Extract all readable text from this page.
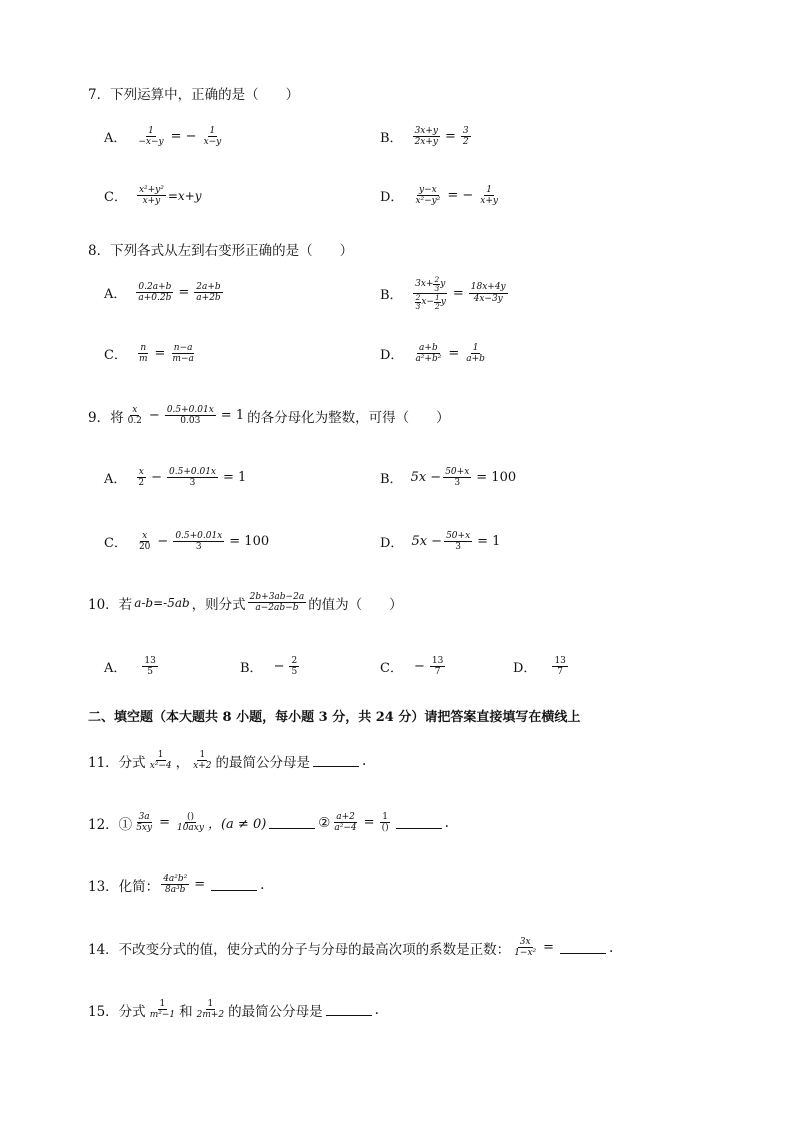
7．下列运算中，正确的是（　　）
A． $\frac{1}{-x-y}$ = − $\frac{1}{x-y}$	B． $\frac{3x+y}{2x+y} = \frac{3}{2}$
C． $\frac{\text{x²+y²}}{x+y} =x+y$	D． $\frac{y-x}{\text{x²−y²}}$ = − $\frac{1}{x+y}$
8．下列各式从左到右变形正确的是（　　）
A． $\frac{0.2a+b}{a+0.2b} = \frac{2a+b}{a+2b}$	B． $3x+ \frac{2}{3}$ y
2
3 $x- \frac{1}{2}$ $y = \frac{18x+4y}{4x-3y}$
C． $\frac{n}{m} = \frac{n-a}{m-a}$	D． $\frac{a+b}{\text{a²+b²}} = \frac{1}{a+b}$
9．将 $\frac{x}{0.2} - \frac{0.5+0.01x}{0.03} = 1$ 的各分母化为整数，可得（　　）
A． $\frac{x}{2} - \frac{0.5+0.01x}{3} = 1$	B． $5x - \frac{50+x}{3} = 100$
C． $\frac{x}{20} - \frac{0.5+0.01x}{3} = 100$	D． $5x - \frac{50+x}{3} = 1$
10．若 a-b=-5ab ，则分式 $\frac{2b+3ab-2a}{a-2ab-b}$ 的值为（　　）
A． $\frac{13}{5}$	B． − $\frac{2}{5}$	C． − $\frac{13}{7}$	D． $\frac{13}{7}$
二、填空题（本大题共 8 小题，每小题 3 分，共 24 分）请把答案直接填写在横线上
11．分式 $\frac{1}{\text{x²−4}}$ ， $\frac{1}{x+2}$ 的最简公分母是	.
12．① $\frac{3a}{5xy} = \frac{()}{\text{10axy}}$ ，(a ≠ 0)	② $\frac{a+2}{\text{a²−4}} = \frac{1}{()}$	.
13．化简： $\frac{\text{4a²b²}}{\text{8a³b}}$ =	.
14．不改变分式的值，使分式的分子与分母的最高次项的系数是正数： $\frac{3x}{\text{1−x²}}$ =	.
15．分式 $\frac{1}{\text{m²−1}}$ 和 $\frac{1}{2m+2}$ 的最简公分母是	.
